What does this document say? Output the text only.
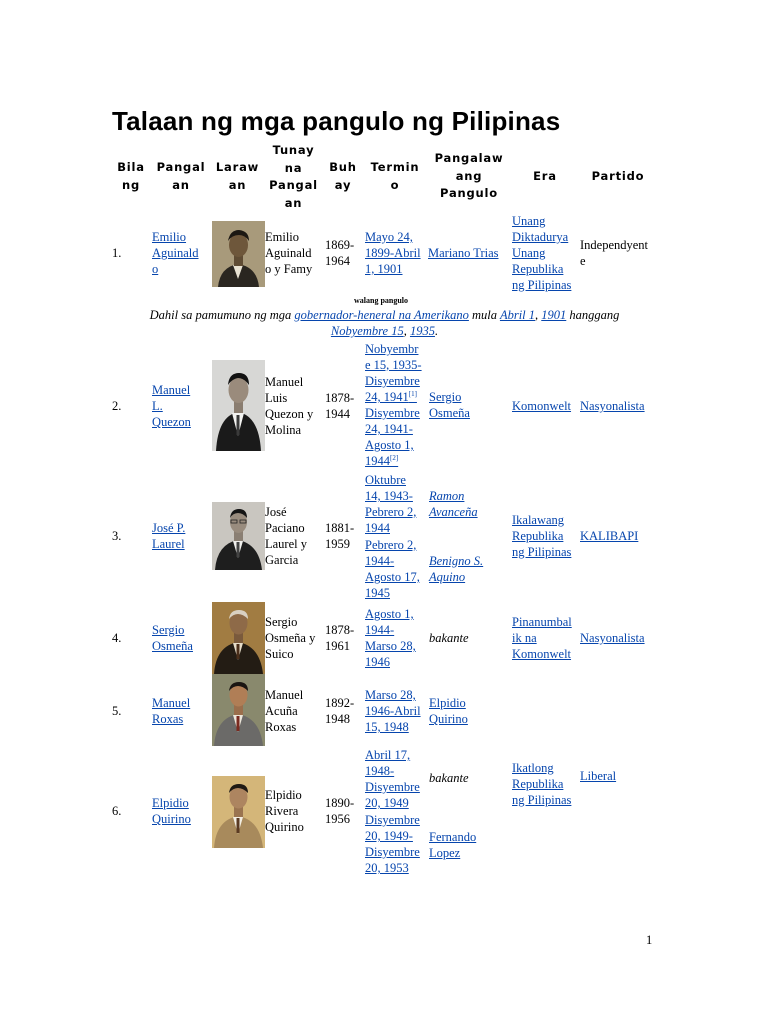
Talaan ng mga pangulo ng Pilipinas
Bila
ng
Pangal
an
Laraw
an
Tunay
na
Pangal
an
Buh
ay
Termin
o
Pangalaw
ang
Pangulo
Era	Partido
1.
Emilio
Aguinald
o
Emilio
Aguinald
o y Famy
1869-
1964
Mayo 24,
1899-Abril
1, 1901
Mariano Trias
Unang
Diktadurya
Unang
Republika
ng Pilipinas
Independyent
e
walang pangulo
Dahil sa pamumuno ng mga gobernador-heneral na Amerikano mula Abril 1, 1901 hanggang
Nobyembre 15, 1935.
2.
Manuel
L.
Quezon
Manuel
Luis
Quezon y
Molina
1878-
1944
Nobyembr
e 15, 1935-
Disyembre
24, 1941[1]
Disyembre
24, 1941-
Agosto 1,
1944[2]
Sergio
Osmeña	Komonwelt Nasyonalista
3.
José P.
Laurel
José
Paciano
Laurel y
Garcia
1881-
1959
Oktubre
14, 1943-
Pebrero 2,
1944
Pebrero 2,
1944-
Agosto 17,
1945
Ramon
Avanceña
Benigno S.
Aquino
Ikalawang
Republika
ng Pilipinas
KALIBAPI
4.
Sergio
Osmeña
Sergio
Osmeña y
Suico
1878-
1961
Agosto 1,
1944-
Marso 28,
1946
bakante
Pinanumbal
ik na
Komonwelt
Nasyonalista
5.
Manuel
Roxas
Manuel
Acuña
Roxas
1892-
1948
Marso 28,
1946-Abril
15, 1948
Elpidio
Quirino
6.
Elpidio
Quirino
Elpidio
Rivera
Quirino
1890-
1956
Abril 17,
1948-
Disyembre
20, 1949
Disyembre
20, 1949-
Disyembre
20, 1953
bakante
Fernando
Lopez
Ikatlong
Republika
ng Pilipinas
Liberal
1
